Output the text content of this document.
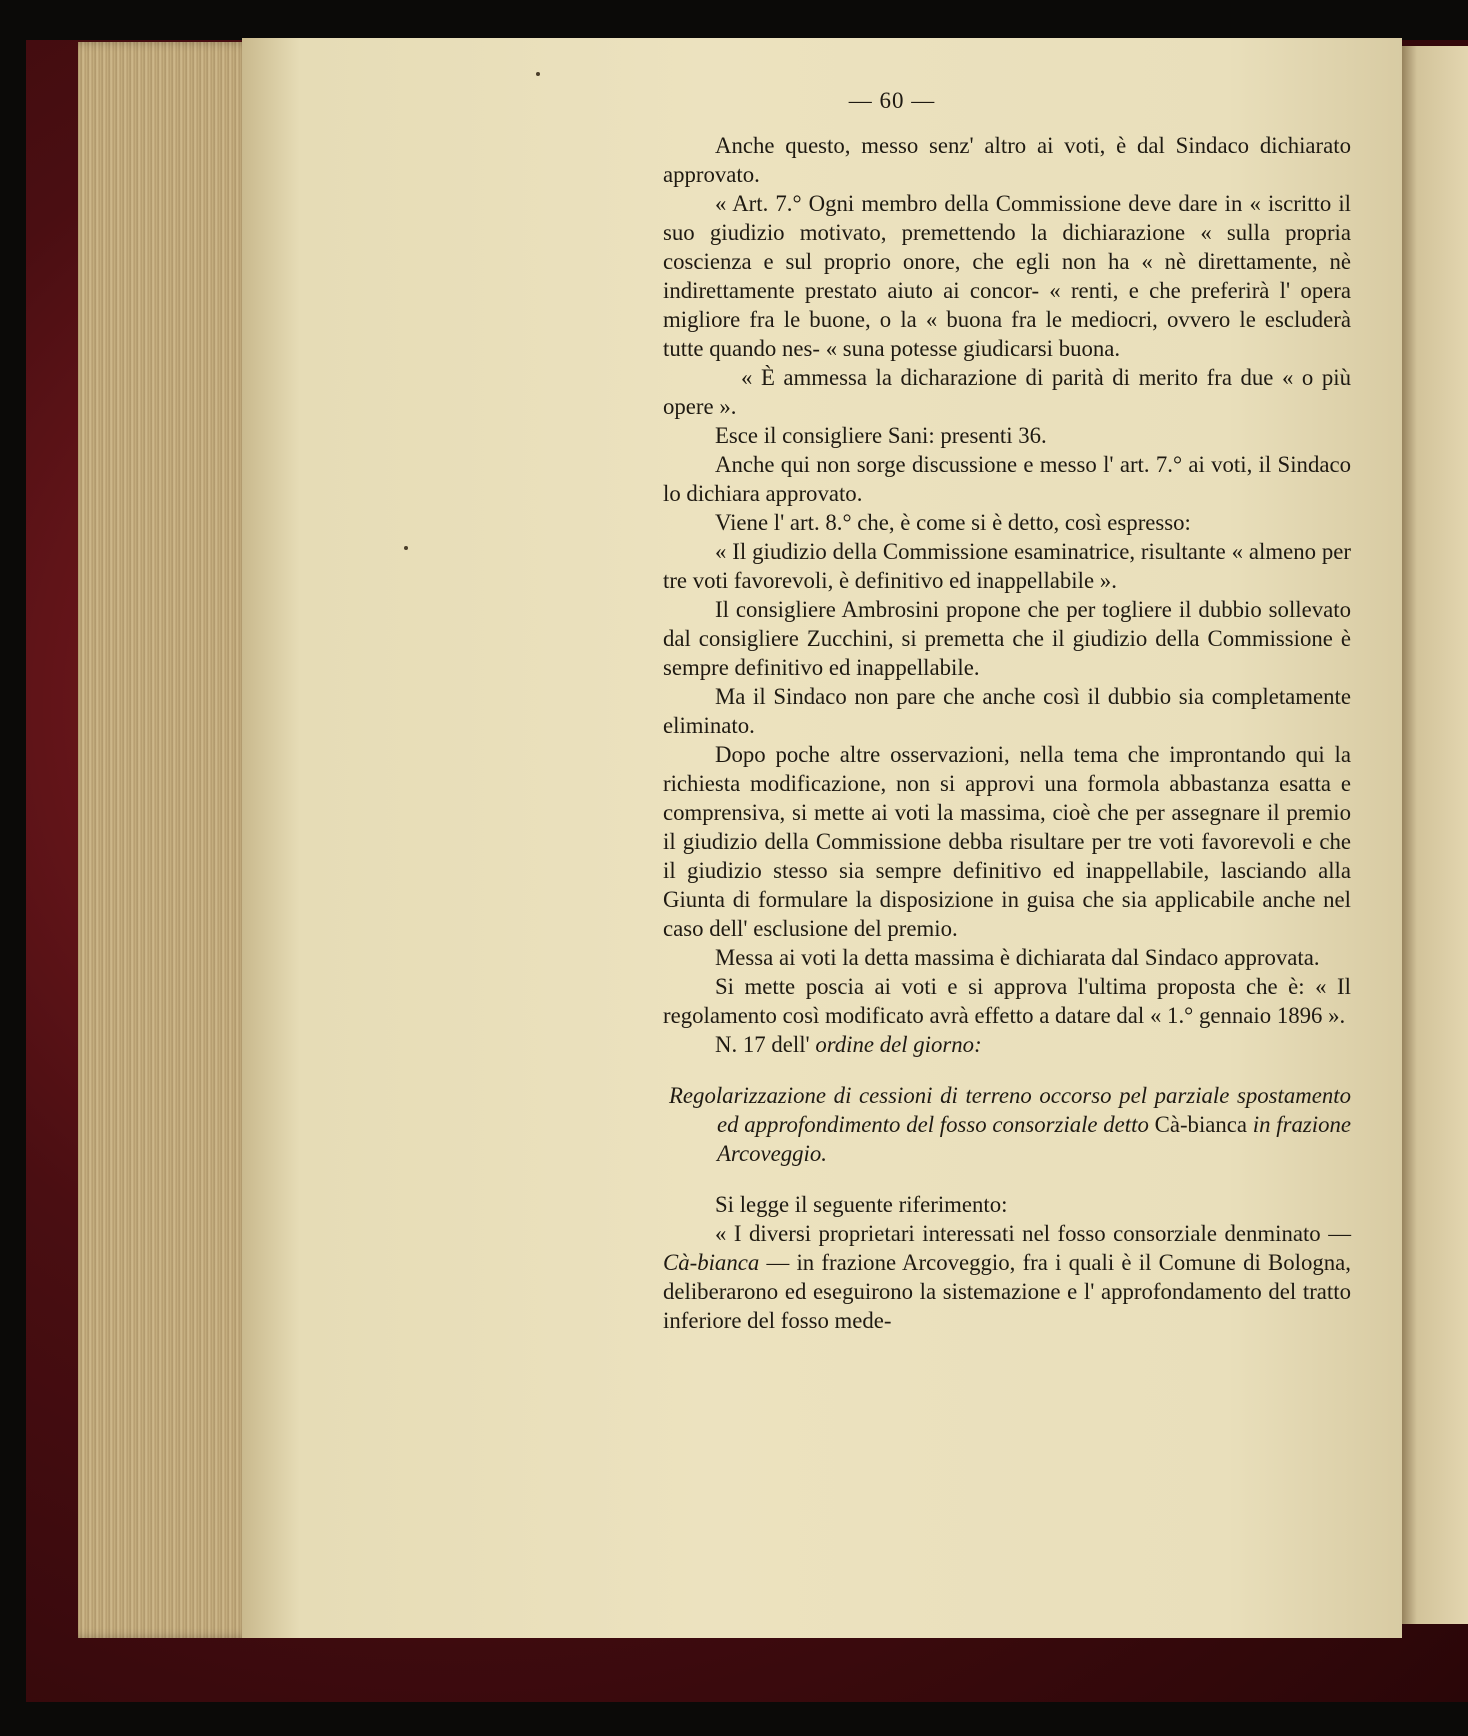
— 60 —

Anche questo, messo senz' altro ai voti, è dal Sindaco dichiarato approvato.

« Art. 7.° Ogni membro della Commissione deve dare in « iscritto il suo giudizio motivato, premettendo la dichiarazione « sulla propria coscienza e sul proprio onore, che egli non ha « nè direttamente, nè indirettamente prestato aiuto ai concor- « renti, e che preferirà l' opera migliore fra le buone, o la « buona fra le mediocri, ovvero le escluderà tutte quando nes- « suna potesse giudicarsi buona.

« È ammessa la dicharazione di parità di merito fra due « o più opere ».

Esce il consigliere Sani: presenti 36.

Anche qui non sorge discussione e messo l' art. 7.° ai voti, il Sindaco lo dichiara approvato.

Viene l' art. 8.° che, è come si è detto, così espresso:

« Il giudizio della Commissione esaminatrice, risultante « almeno per tre voti favorevoli, è definitivo ed inappellabile ».

Il consigliere Ambrosini propone che per togliere il dubbio sollevato dal consigliere Zucchini, si premetta che il giudizio della Commissione è sempre definitivo ed inappellabile.

Ma il Sindaco non pare che anche così il dubbio sia completamente eliminato.

Dopo poche altre osservazioni, nella tema che improntando qui la richiesta modificazione, non si approvi una formola abbastanza esatta e comprensiva, si mette ai voti la massima, cioè che per assegnare il premio il giudizio della Commissione debba risultare per tre voti favorevoli e che il giudizio stesso sia sempre definitivo ed inappellabile, lasciando alla Giunta di formulare la disposizione in guisa che sia applicabile anche nel caso dell' esclusione del premio.

Messa ai voti la detta massima è dichiarata dal Sindaco approvata.

Si mette poscia ai voti e si approva l'ultima proposta che è: « Il regolamento così modificato avrà effetto a datare dal « 1.° gennaio 1896 ».

N. 17 dell' ordine del giorno:

Regolarizzazione di cessioni di terreno occorso pel parziale spostamento ed approfondimento del fosso consorziale detto Cà-bianca in frazione Arcoveggio.

Si legge il seguente riferimento:

« I diversi proprietari interessati nel fosso consorziale denminato — Cà-bianca — in frazione Arcoveggio, fra i quali è il Comune di Bologna, deliberarono ed eseguirono la sistemazione e l' approfondamento del tratto inferiore del fosso mede-
